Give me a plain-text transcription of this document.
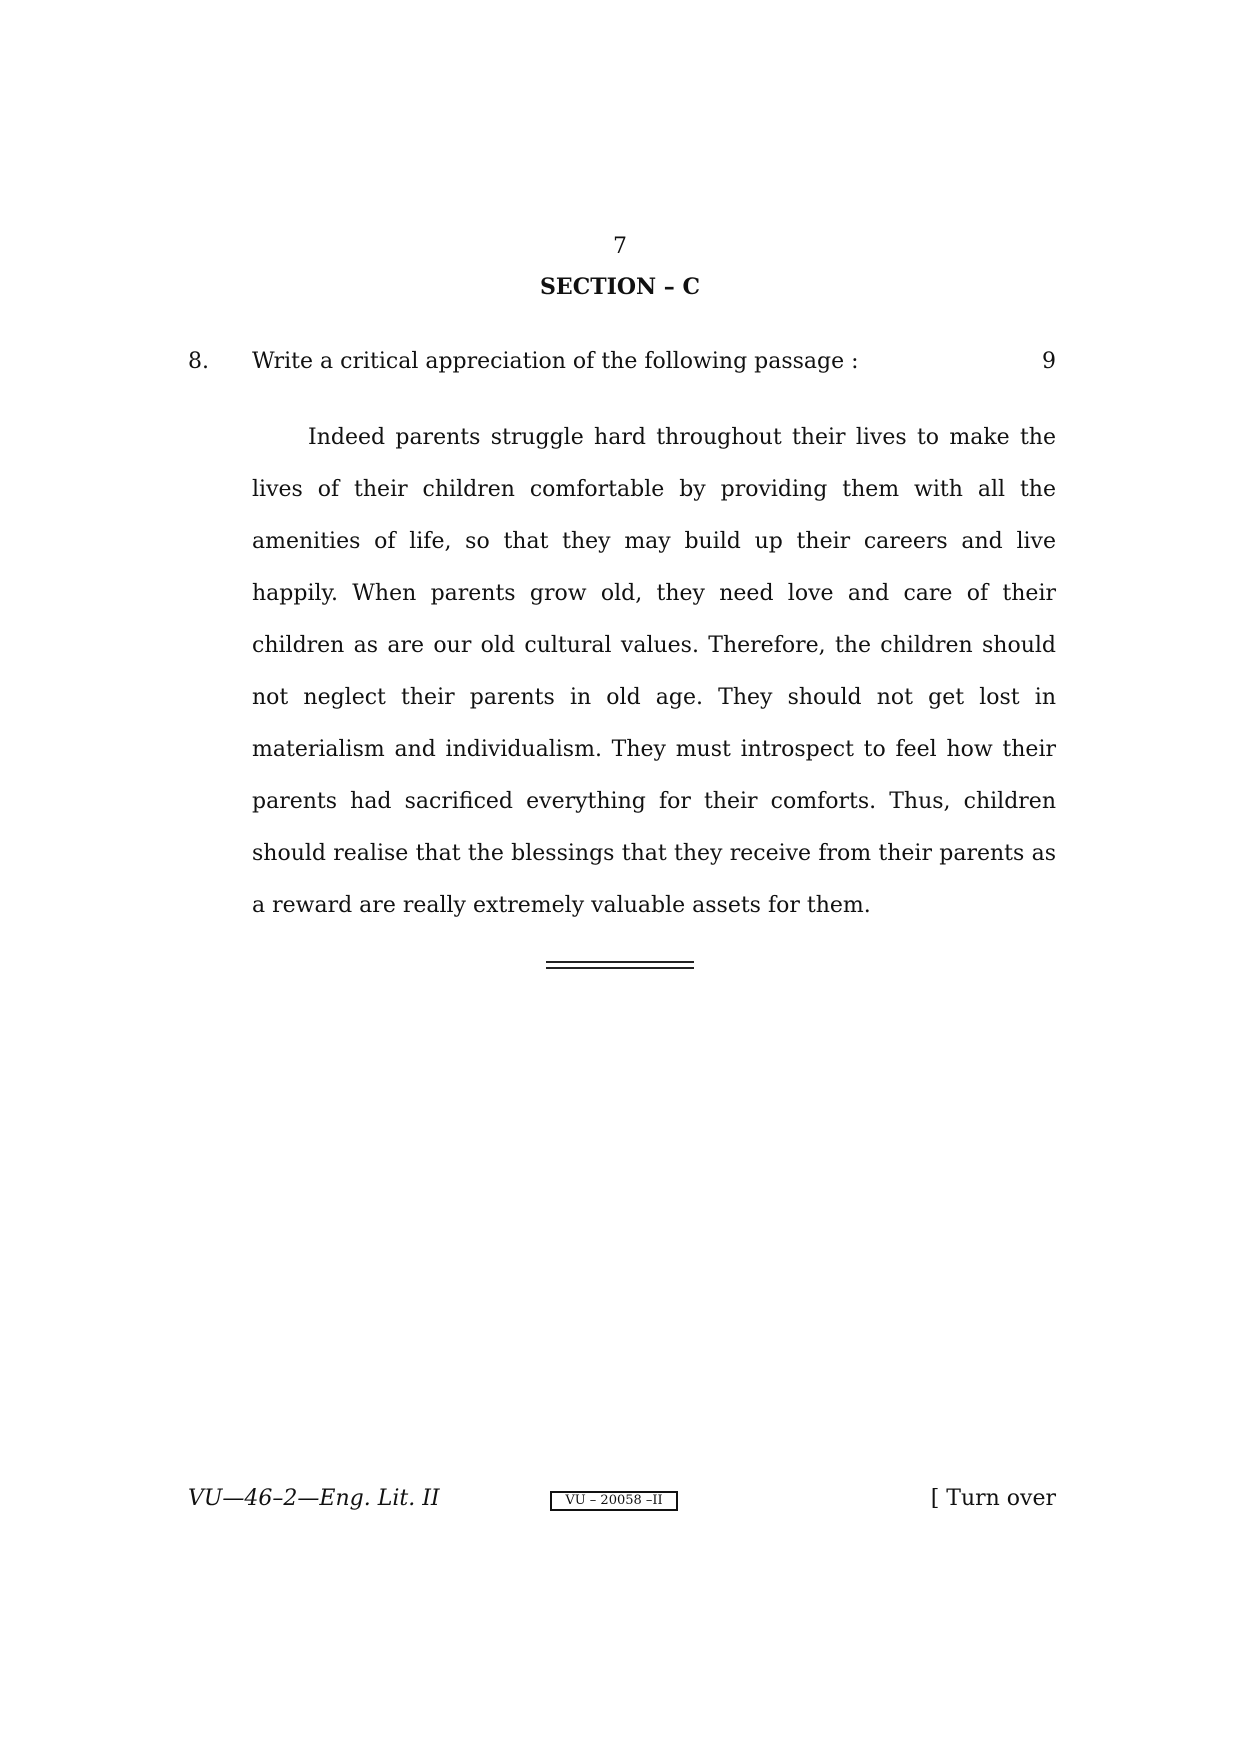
7
SECTION – C
8. Write a critical appreciation of the following passage :	9

Indeed parents struggle hard throughout their lives to make the lives of their children comfortable by providing them with all the amenities of life, so that they may build up their careers and live happily. When parents grow old, they need love and care of their children as are our old cultural values. Therefore, the children should not neglect their parents in old age. They should not get lost in materialism and individualism. They must introspect to feel how their parents had sacrificed everything for their comforts. Thus, children should realise that the blessings that they receive from their parents as a reward are really extremely valuable assets for them.

VU—46–2—Eng. Lit. II	VU – 20058 –II	[ Turn over
